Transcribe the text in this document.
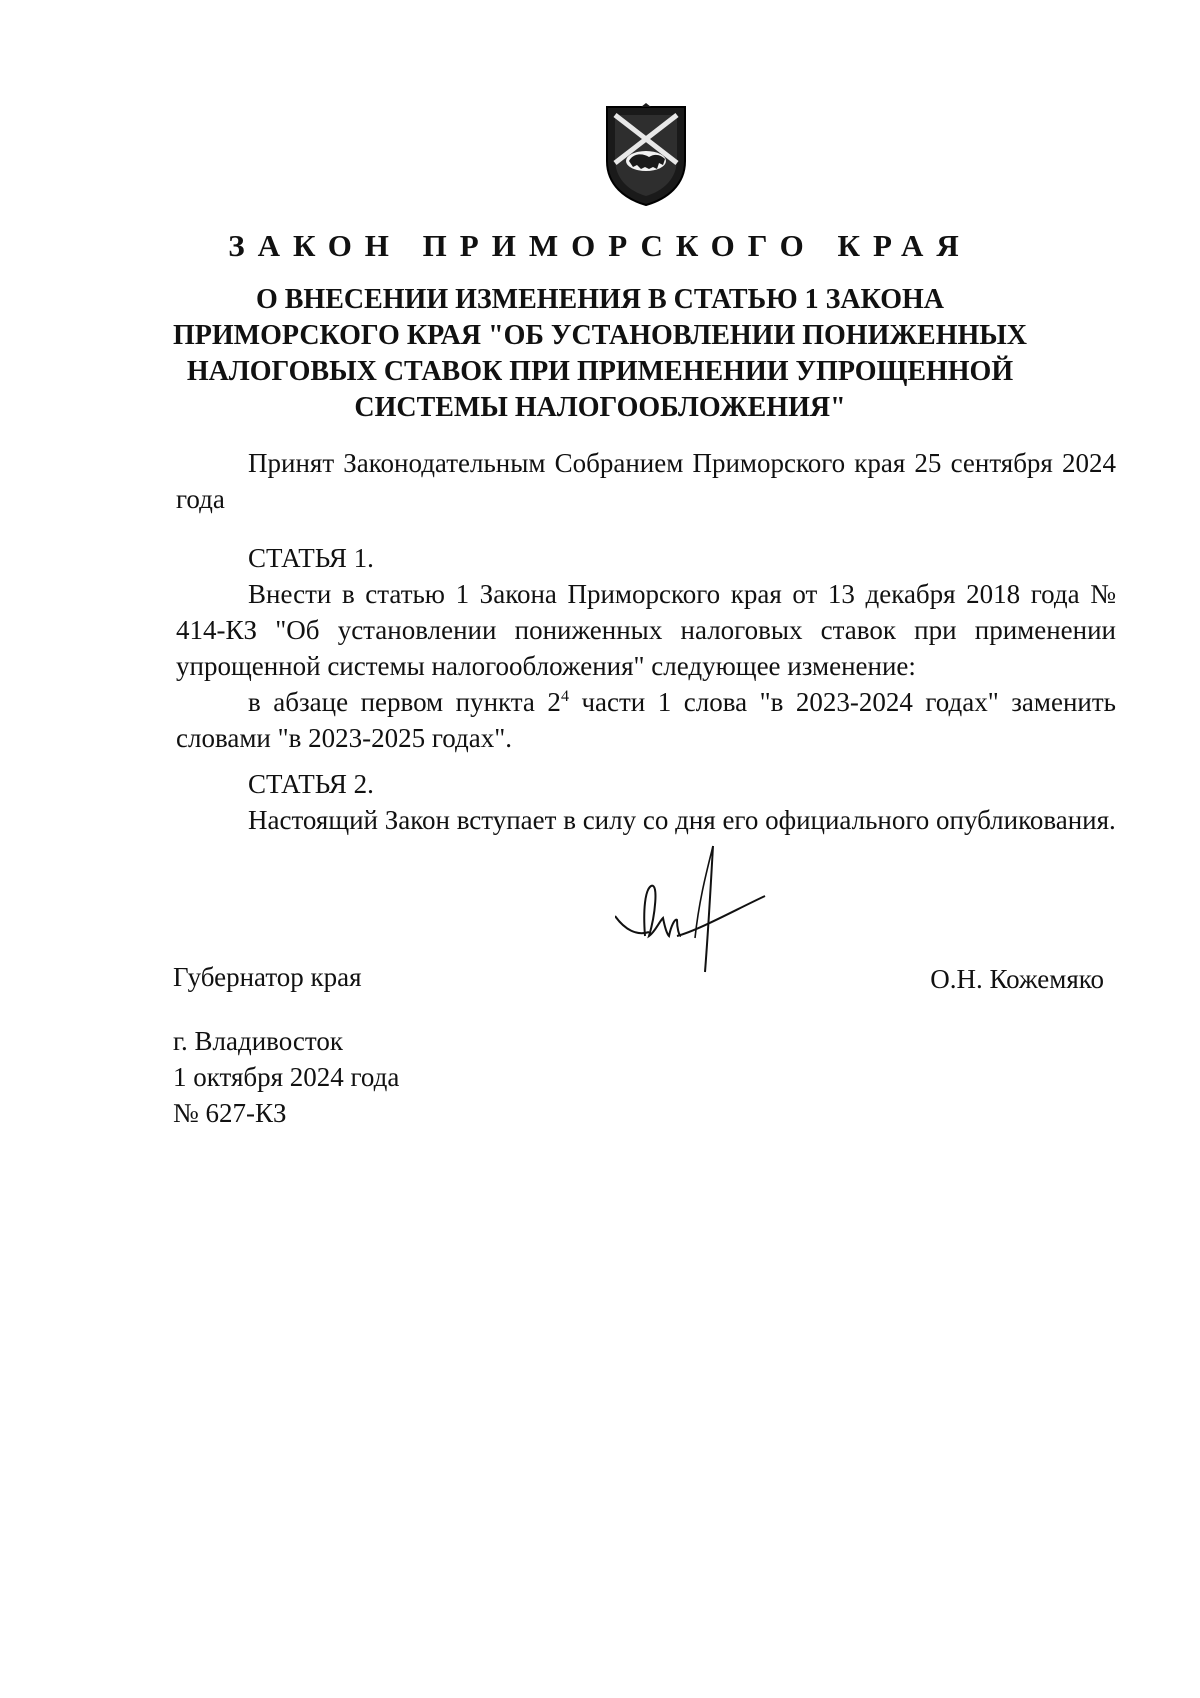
ЗАКОН ПРИМОРСКОГО КРАЯ
О ВНЕСЕНИИ ИЗМЕНЕНИЯ В СТАТЬЮ 1 ЗАКОНА
ПРИМОРСКОГО КРАЯ "ОБ УСТАНОВЛЕНИИ ПОНИЖЕННЫХ
НАЛОГОВЫХ СТАВОК ПРИ ПРИМЕНЕНИИ УПРОЩЕННОЙ
СИСТЕМЫ НАЛОГООБЛОЖЕНИЯ"

Принят Законодательным Собранием Приморского края 25 сентября 2024 года

СТАТЬЯ 1.

Внести в статью 1 Закона Приморского края от 13 декабря 2018 года № 414-КЗ "Об установлении пониженных налоговых ставок при применении упрощенной системы налогообложения" следующее изменение:

в абзаце первом пункта $2^4$ части 1 слова "в 2023-2024 годах" заменить словами "в 2023-2025 годах".

СТАТЬЯ 2.

Настоящий Закон вступает в силу со дня его официального опубликования.

Губернатор края	О.Н. Кожемяко
г. Владивосток
1 октября 2024 года
№ 627-КЗ
